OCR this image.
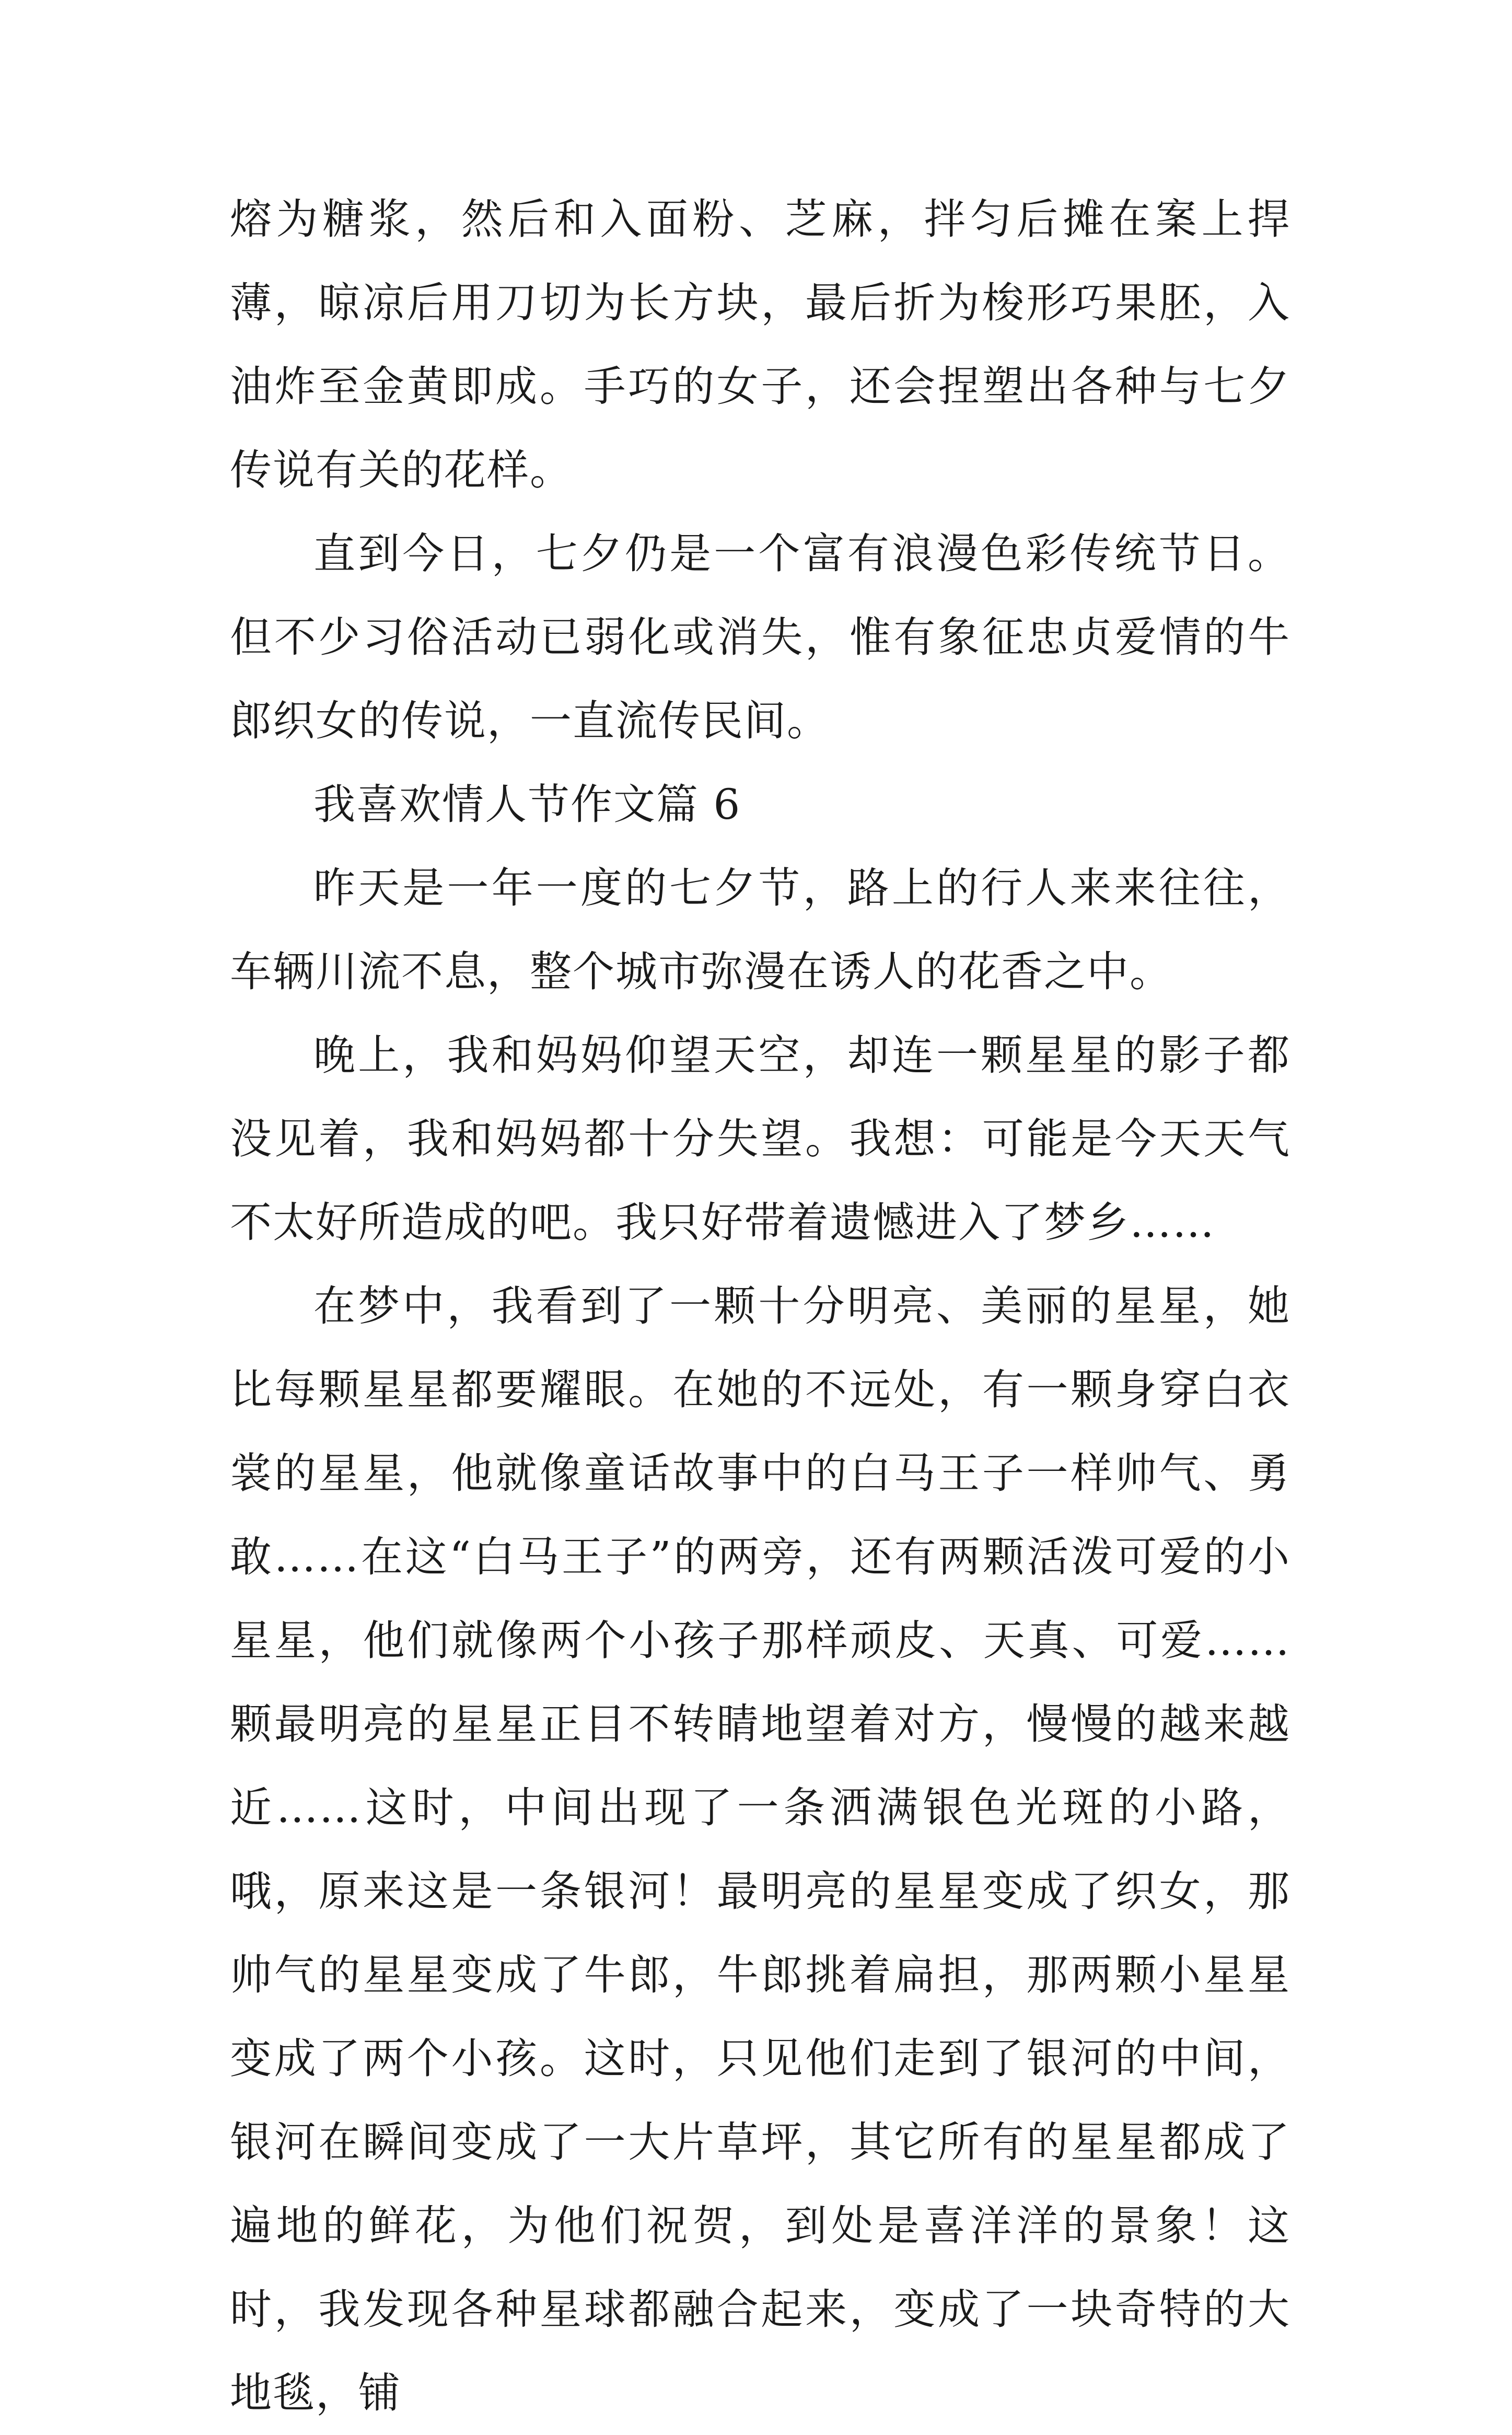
熔为糖浆，然后和入面粉、芝麻，拌匀后摊在案上捍薄，晾凉后用刀切为长方块，最后折为梭形巧果胚，入油炸至金黄即成。手巧的女子，还会捏塑出各种与七夕传说有关的花样。

直到今日，七夕仍是一个富有浪漫色彩传统节日。但不少习俗活动已弱化或消失，惟有象征忠贞爱情的牛郎织女的传说，一直流传民间。

我喜欢情人节作文篇 6

昨天是一年一度的七夕节，路上的行人来来往往，车辆川流不息，整个城市弥漫在诱人的花香之中。

晚上，我和妈妈仰望天空，却连一颗星星的影子都没见着，我和妈妈都十分失望。我想：可能是今天天气不太好所造成的吧。我只好带着遗憾进入了梦乡……

在梦中，我看到了一颗十分明亮、美丽的星星，她比每颗星星都要耀眼。在她的不远处，有一颗身穿白衣裳的星星，他就像童话故事中的白马王子一样帅气、勇敢……在这“白马王子”的两旁，还有两颗活泼可爱的小星星，他们就像两个小孩子那样顽皮、天真、可爱……颗最明亮的星星正目不转睛地望着对方，慢慢的越来越近……这时，中间出现了一条洒满银色光斑的小路，哦，原来这是一条银河！最明亮的星星变成了织女，那帅气的星星变成了牛郎，牛郎挑着扁担，那两颗小星星变成了两个小孩。这时，只见他们走到了银河的中间，银河在瞬间变成了一大片草坪，其它所有的星星都成了遍地的鲜花，为他们祝贺，到处是喜洋洋的景象！这时，我发现各种星球都融合起来，变成了一块奇特的大地毯，铺
